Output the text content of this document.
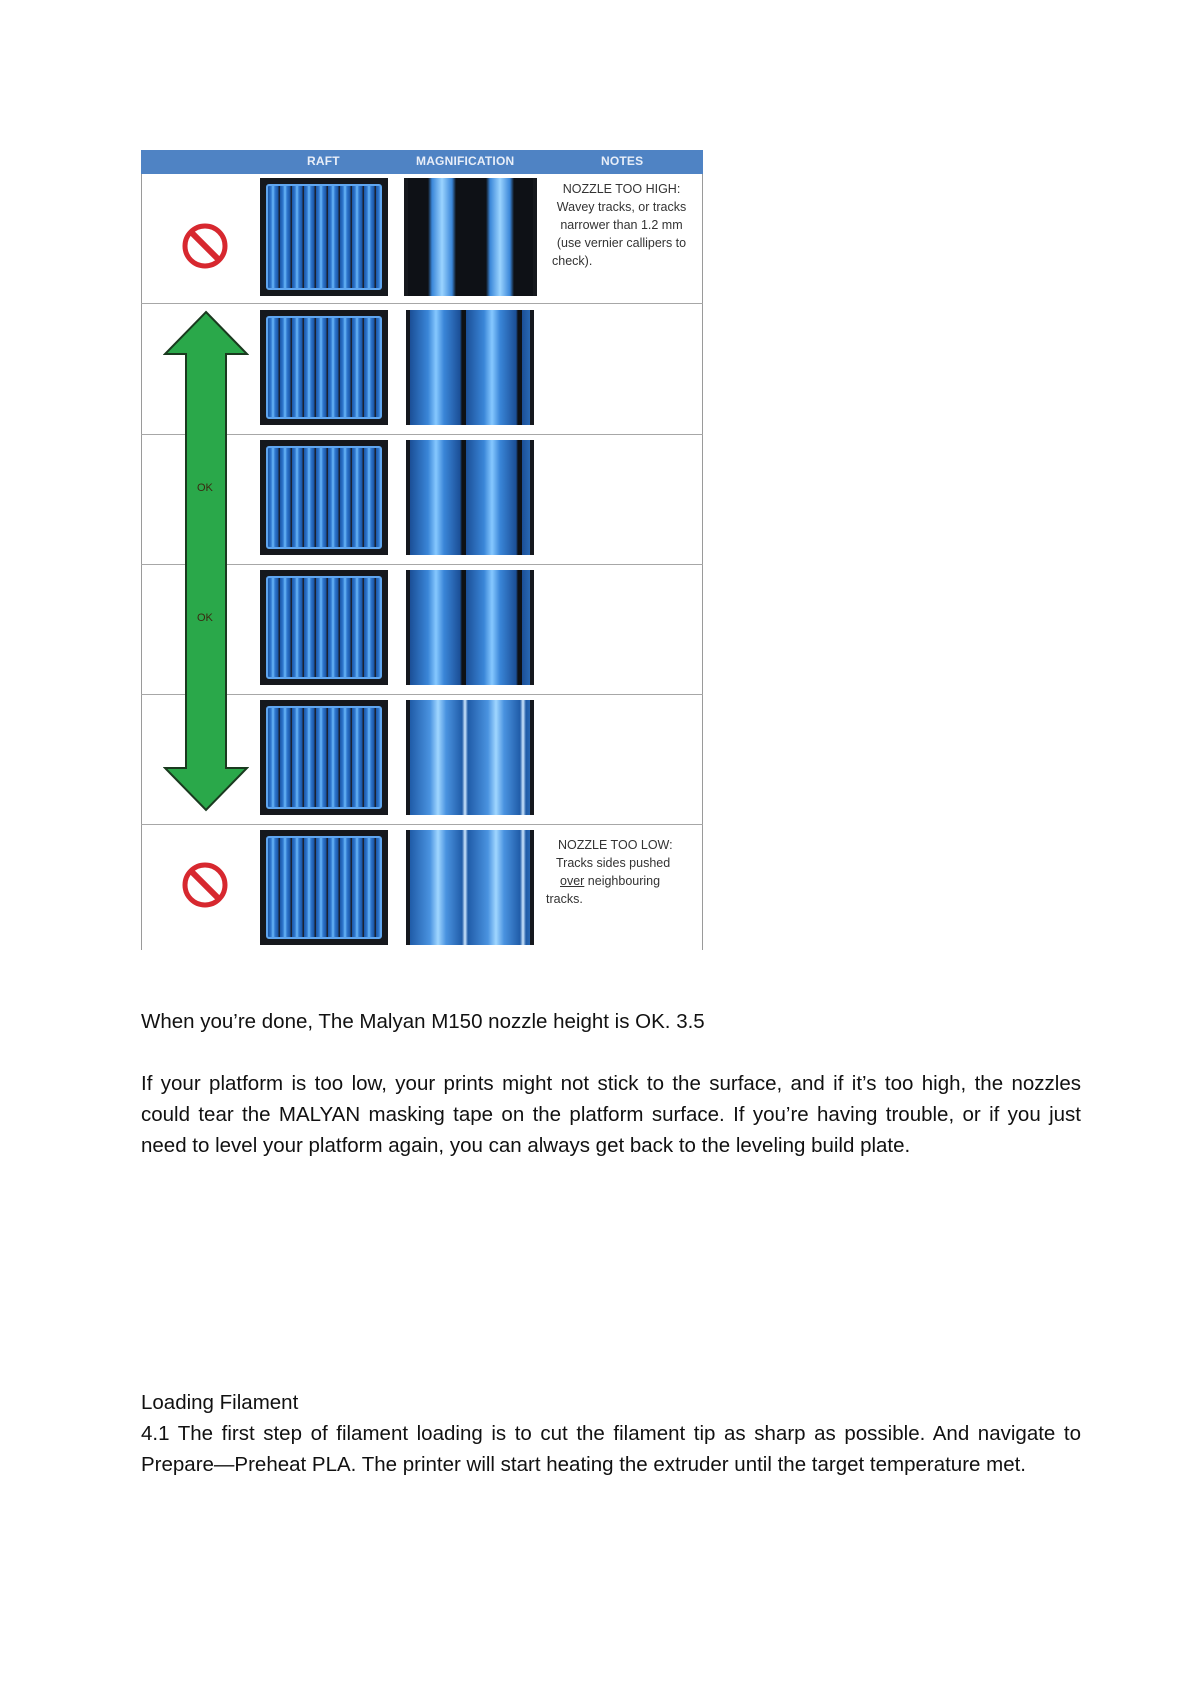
RAFT	MAGNIFICATION	NOTES
NOZZLE TOO HIGH:
Wavey tracks, or tracks
narrower than 1.2 mm
(use vernier callipers to
check).
OK
OK
NOZZLE TOO LOW:
Tracks sides pushed
over neighbouring
tracks.

When you’re done, The Malyan M150 nozzle height is OK. 3.5

If your platform is too low, your prints might not stick to the surface, and if it’s too high, the nozzles could tear the MALYAN masking tape on the platform surface. If you’re having trouble, or if you just need to level your platform again, you can always get back to the leveling build plate.

Loading Filament

4.1 The first step of filament loading is to cut the filament tip as sharp as possible. And navigate to Prepare—Preheat PLA. The printer will start heating the extruder until the target temperature met.
